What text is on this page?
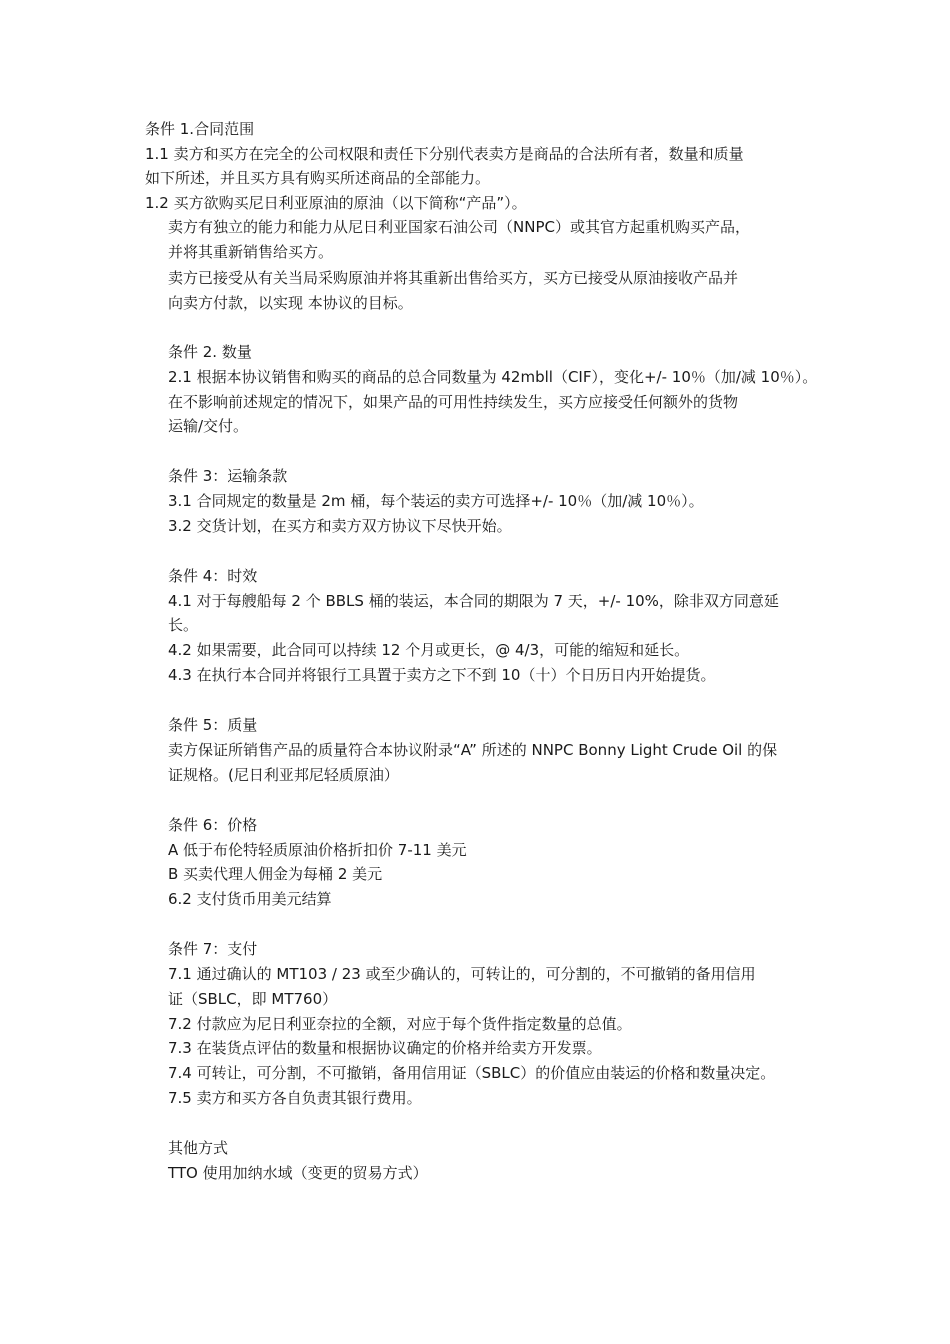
条件 1.合同范围
1.1 卖方和买方在完全的公司权限和责任下分别代表卖方是商品的合法所有者，数量和质量
如下所述，并且买方具有购买所述商品的全部能力。
1.2 买方欲购买尼日利亚原油的原油（以下简称“产品”）。
卖方有独立的能力和能力从尼日利亚国家石油公司（NNPC）或其官方起重机购买产品，
并将其重新销售给买方。
卖方已接受从有关当局采购原油并将其重新出售给买方，买方已接受从原油接收产品并
向卖方付款，以实现 本协议的目标。
条件 2. 数量
2.1 根据本协议销售和购买的商品的总合同数量为 42mbll（CIF），变化+/- 10％（加/减 10％）。
在不影响前述规定的情况下，如果产品的可用性持续发生，买方应接受任何额外的货物
运输/交付。
条件 3：运输条款
3.1 合同规定的数量是 2m 桶，每个装运的卖方可选择+/- 10％（加/减 10％）。
3.2 交货计划，在买方和卖方双方协议下尽快开始。
条件 4：时效
4.1 对于每艘船每 2 个 BBLS 桶的装运，本合同的期限为 7 天，+/- 10%，除非双方同意延
长。
4.2 如果需要，此合同可以持续 12 个月或更长，@ 4/3，可能的缩短和延长。
4.3 在执行本合同并将银行工具置于卖方之下不到 10（十）个日历日内开始提货。
条件 5：质量
卖方保证所销售产品的质量符合本协议附录“A” 所述的 NNPC Bonny Light Crude Oil 的保
证规格。(尼日利亚邦尼轻质原油）
条件 6：价格
A 低于布伦特轻质原油价格折扣价 7-11 美元
B 买卖代理人佣金为每桶 2 美元
6.2 支付货币用美元结算
条件 7：支付
7.1 通过确认的 MT103 / 23 或至少确认的，可转让的，可分割的，不可撤销的备用信用
证（SBLC，即 MT760）
7.2 付款应为尼日利亚奈拉的全额，对应于每个货件指定数量的总值。
7.3 在装货点评估的数量和根据协议确定的价格并给卖方开发票。
7.4 可转让，可分割，不可撤销，备用信用证（SBLC）的价值应由装运的价格和数量决定。
7.5 卖方和买方各自负责其银行费用。
其他方式
TTO 使用加纳水域（变更的贸易方式）
